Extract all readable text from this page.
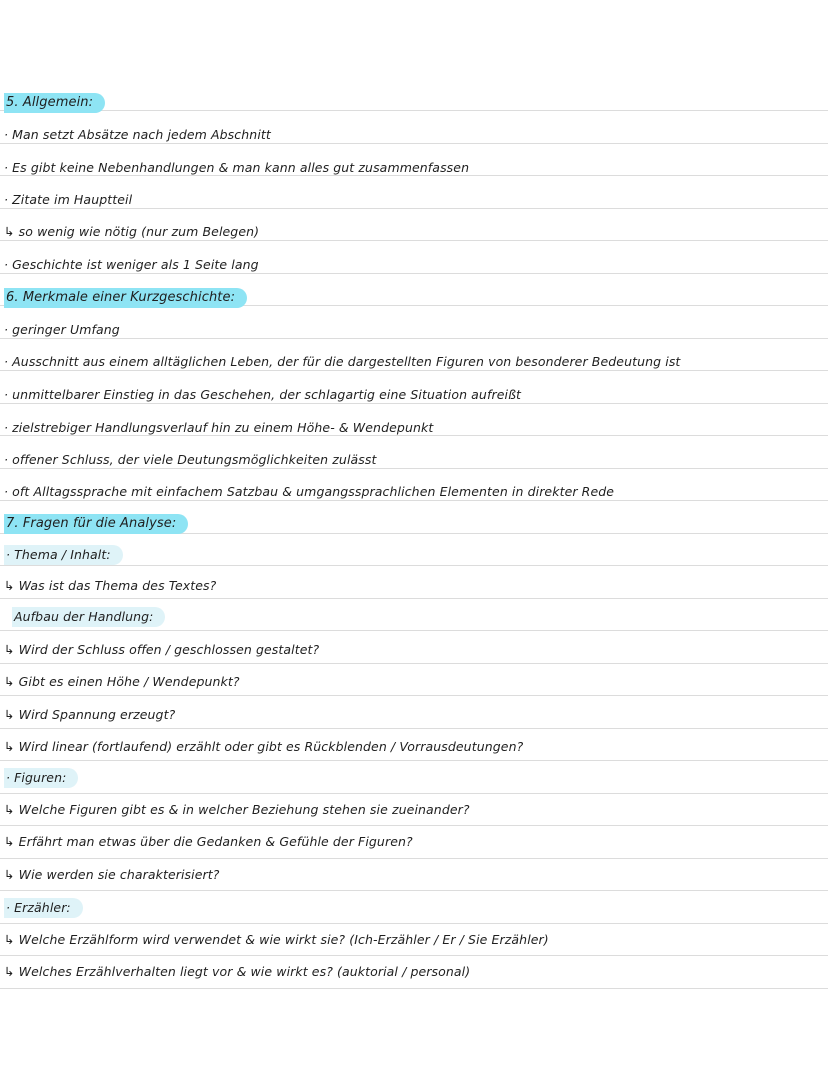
5. Allgemein:
· Man setzt Absätze nach jedem Abschnitt
· Es gibt keine Nebenhandlungen & man kann alles gut zusammenfassen
· Zitate im Hauptteil
↳ so wenig wie nötig (nur zum Belegen)
· Geschichte ist weniger als 1 Seite lang
6. Merkmale einer Kurzgeschichte:
· geringer Umfang
· Ausschnitt aus einem alltäglichen Leben, der für die dargestellten Figuren von besonderer Bedeutung ist
· unmittelbarer Einstieg in das Geschehen, der schlagartig eine Situation aufreißt
· zielstrebiger Handlungsverlauf hin zu einem Höhe- & Wendepunkt
· offener Schluss, der viele Deutungsmöglichkeiten zulässt
· oft Alltagssprache mit einfachem Satzbau & umgangssprachlichen Elementen in direkter Rede
7. Fragen für die Analyse:
· Thema / Inhalt:
↳ Was ist das Thema des Textes?
Aufbau der Handlung:
↳ Wird der Schluss offen / geschlossen gestaltet?
↳ Gibt es einen Höhe / Wendepunkt?
↳ Wird Spannung erzeugt?
↳ Wird linear (fortlaufend) erzählt oder gibt es Rückblenden / Vorrausdeutungen?
· Figuren:
↳ Welche Figuren gibt es & in welcher Beziehung stehen sie zueinander?
↳ Erfährt man etwas über die Gedanken & Gefühle der Figuren?
↳ Wie werden sie charakterisiert?
· Erzähler:
↳ Welche Erzählform wird verwendet & wie wirkt sie? (Ich-Erzähler / Er / Sie Erzähler)
↳ Welches Erzählverhalten liegt vor & wie wirkt es? (auktorial / personal)
